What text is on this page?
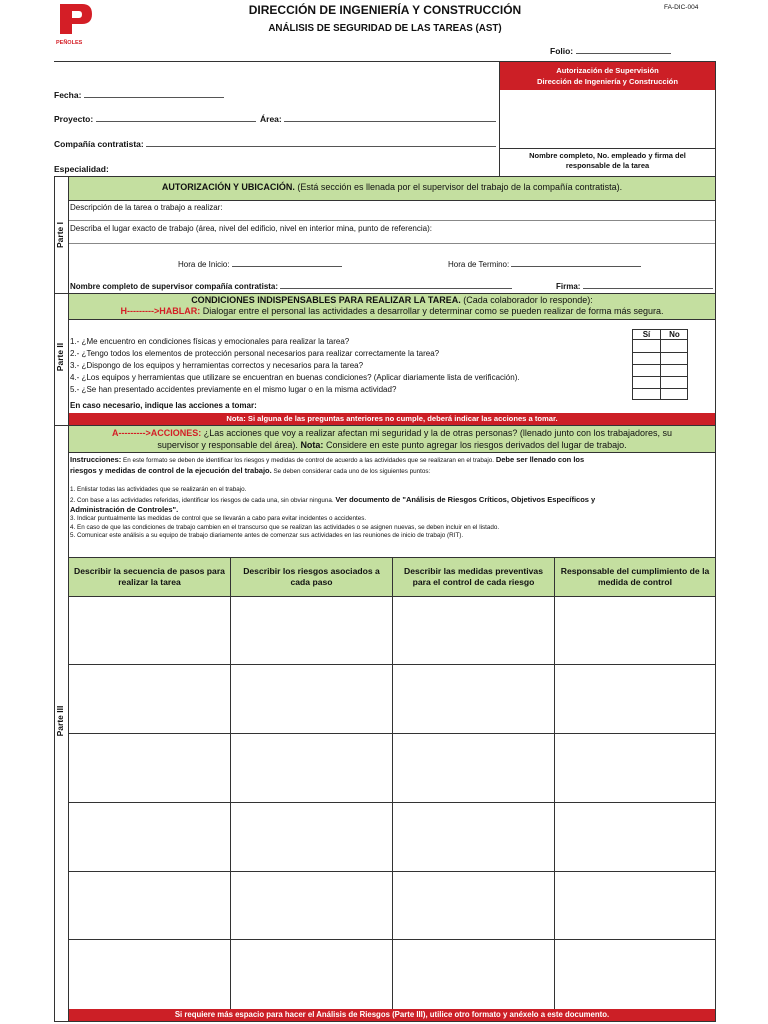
PEÑOLES
DIRECCIÓN DE INGENIERÍA Y CONSTRUCCIÓN
ANÁLISIS DE SEGURIDAD DE LAS TAREAS (AST)
FA-DIC-004
Folio:
Autorización de Supervisión
Dirección de Ingeniería y Construcción
Nombre completo, No. empleado y firma del
responsable de la tarea
Fecha:
Proyecto:	Área:
Compañía contratista:
Especialidad:
AUTORIZACIÓN Y UBICACIÓN. (Está sección es llenada por el supervisor del trabajo de la compañía contratista).
Parte I
Descripción de la tarea o trabajo a realizar:
Describa el lugar exacto de trabajo (área, nivel del edificio, nivel en interior mina, punto de referencia):
Hora de Inicio:	Hora de Termino:
Nombre completo de supervisor compañía contratista:	Firma:
CONDICIONES INDISPENSABLES PARA REALIZAR LA TAREA. (Cada colaborador lo responde):
H--------->HABLAR: Dialogar entre el personal las actividades a desarrollar y determinar como se pueden realizar de forma más segura.
Parte II
Sí	No
1.- ¿Me encuentro en condiciones físicas y emocionales para realizar la tarea?
2.- ¿Tengo todos los elementos de protección personal necesarios para realizar correctamente la tarea?
3.- ¿Dispongo de los equipos y herramientas correctos y necesarios para la tarea?
4.- ¿Los equipos y herramientas que utilizare se encuentran en buenas condiciones? (Aplicar diariamente lista de verificación).
5.- ¿Se han presentado accidentes previamente en el mismo lugar o en la misma actividad?
En caso necesario, indique las acciones a tomar:
Nota: Si alguna de las preguntas anteriores no cumple, deberá indicar las acciones a tomar.
A--------->ACCIONES: ¿Las acciones que voy a realizar afectan mi seguridad y la de otras personas? (llenado junto con los trabajadores, su
supervisor y responsable del área). Nota: Considere en este punto agregar los riesgos derivados del lugar de trabajo.
Parte III
Instrucciones: En este formato se deben de identificar los riesgos y medidas de control de acuerdo a las actividades que se realizaran en el trabajo. Debe ser llenado con los
riesgos y medidas de control de la ejecución del trabajo. Se deben considerar cada uno de los siguientes puntos:
1. Enlistar todas las actividades que se realizarán en el trabajo.
2. Con base a las actividades referidas, identificar los riesgos de cada una, sin obviar ninguna. Ver documento de "Análisis de Riesgos Críticos, Objetivos Específicos y
Administración de Controles".
3. Indicar puntualmente las medidas de control que se llevarán a cabo para evitar incidentes o accidentes.
4. En caso de que las condiciones de trabajo cambien en el transcurso que se realizan las actividades o se asignen nuevas, se deben incluir en el listado.
5. Comunicar este análisis a su equipo de trabajo diariamente antes de comenzar sus actividades en las reuniones de inicio de trabajo (RIT).
Describir la secuencia de pasos para realizar la tarea
Describir los riesgos asociados a cada paso
Describir las medidas preventivas para el control de cada riesgo
Responsable del cumplimiento de la medida de control
Si requiere más espacio para hacer el Análisis de Riesgos (Parte III), utilice otro formato y anéxelo a este documento.
